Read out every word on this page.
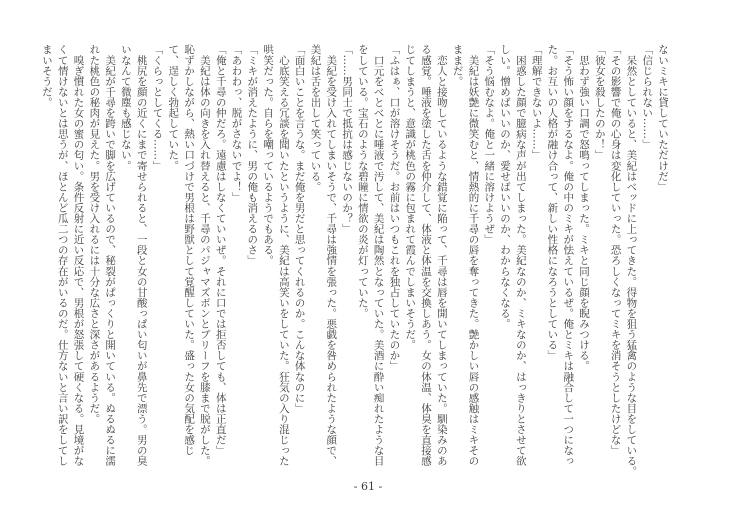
ないミキに貸していただけだ」
「信じられない……」
　呆然としていると、美紀はベッドに上ってきた。得物を狙う猛禽のような目をしている。
「その影響で俺の心身は変化していった。恐ろしくなってミキを消そうとしたけどな」
「彼女を殺したのか！」
　思わず強い口調で怒鳴ってしまった。ミキと同じ顔を睨みつける。
「そう怖い顔をするなよ。俺の中のミキが怯えているぜ。俺とミキは融合して一つになっ
た。お互いの人格が融け合って、新しい性格になろうとしている」
「理解できないよ……」
　困惑した顔で臆病な声が出てしまった。美紀なのか、ミキなのか、はっきりとさせて欲
しい。憎めばいいのか、愛せばいいのか、わからなくなる。
「そう悩むなよ。俺と一緒に溶けようぜ」
　美紀は妖艶に微笑むと、情熱的に千尋の唇を奪ってきた。艶かしい唇の感触はミキその
ままだ。
　恋人と接吻しているような錯覚に陥って、千尋は唇を開いてしまっていた。馴染みのあ
る感覚。唾液を塗した舌を仲介して、体液と体温を交換しあう。女の体温、体臭を直接感
じてしまうと、意識が桃色の霧に包まれて霞んでしまいそうだ。
「ふはぁ、口が溶けそうだ。お前はいつもこれを独占していたのか」
　口元をべとべとに唾液で汚して、美紀は陶然となっていた。美酒に酔い痴れたような目
をしている。宝石のような碧瞳に情欲の炎が灯っていた。
「……男同士で抵抗は感じないのか？」
　美紀を受け入れてしまいそうで、千尋は強情を張った。悪戯を咎められたような顔で、
美紀は舌を出して笑っている。
「面白いことを言うな。まだ俺を男だと思ってくれるのか。こんな体なのに」
　心底笑える冗談を聞いたというように、美紀は高笑いをしていた。狂気の入り混じった
哄笑だった。自らを嘲っているようでもある。
「ミキが消えたように、男の俺も消えるのさ」
「あわわっ、脱がさないでよ！」
「俺と千尋の仲だろ。遠慮はしなくていいぜ。それに口では拒否しても、体は正直だ」
　美紀は体の向きを入れ替えると、千尋のパジャマズボンとブリーフを膝まで脱がした。
恥ずかしながら、熱い口づけで男根は野獣として覚醒していた。盛った女の気配を感じ
て、逞しく勃起していた。
「くらっとしてくる……」
　桃尻を顔の近くにまで寄せられると、一段と女の甘酸っぱい匂いが鼻先で漂う。男の臭
いなんて微塵も感じない。
　美紀が千尋を跨いで脚を広げているので、秘裂がぱっくりと開いている。ぬるぬるに濡
れた桃色の秘肉が見えた。男を受け入れるには十分な広さと深さがあるようだ。
　嗅ぎ慣れた女の蜜の匂い。条件反射に近い反応で、男根が怒張して硬くなる。見境がな
くて情けないとは思うが、ほとんど瓜二つの存在がいるのだ。仕方ないと言い訳をしてし
まいそうだ。
- 61 -
